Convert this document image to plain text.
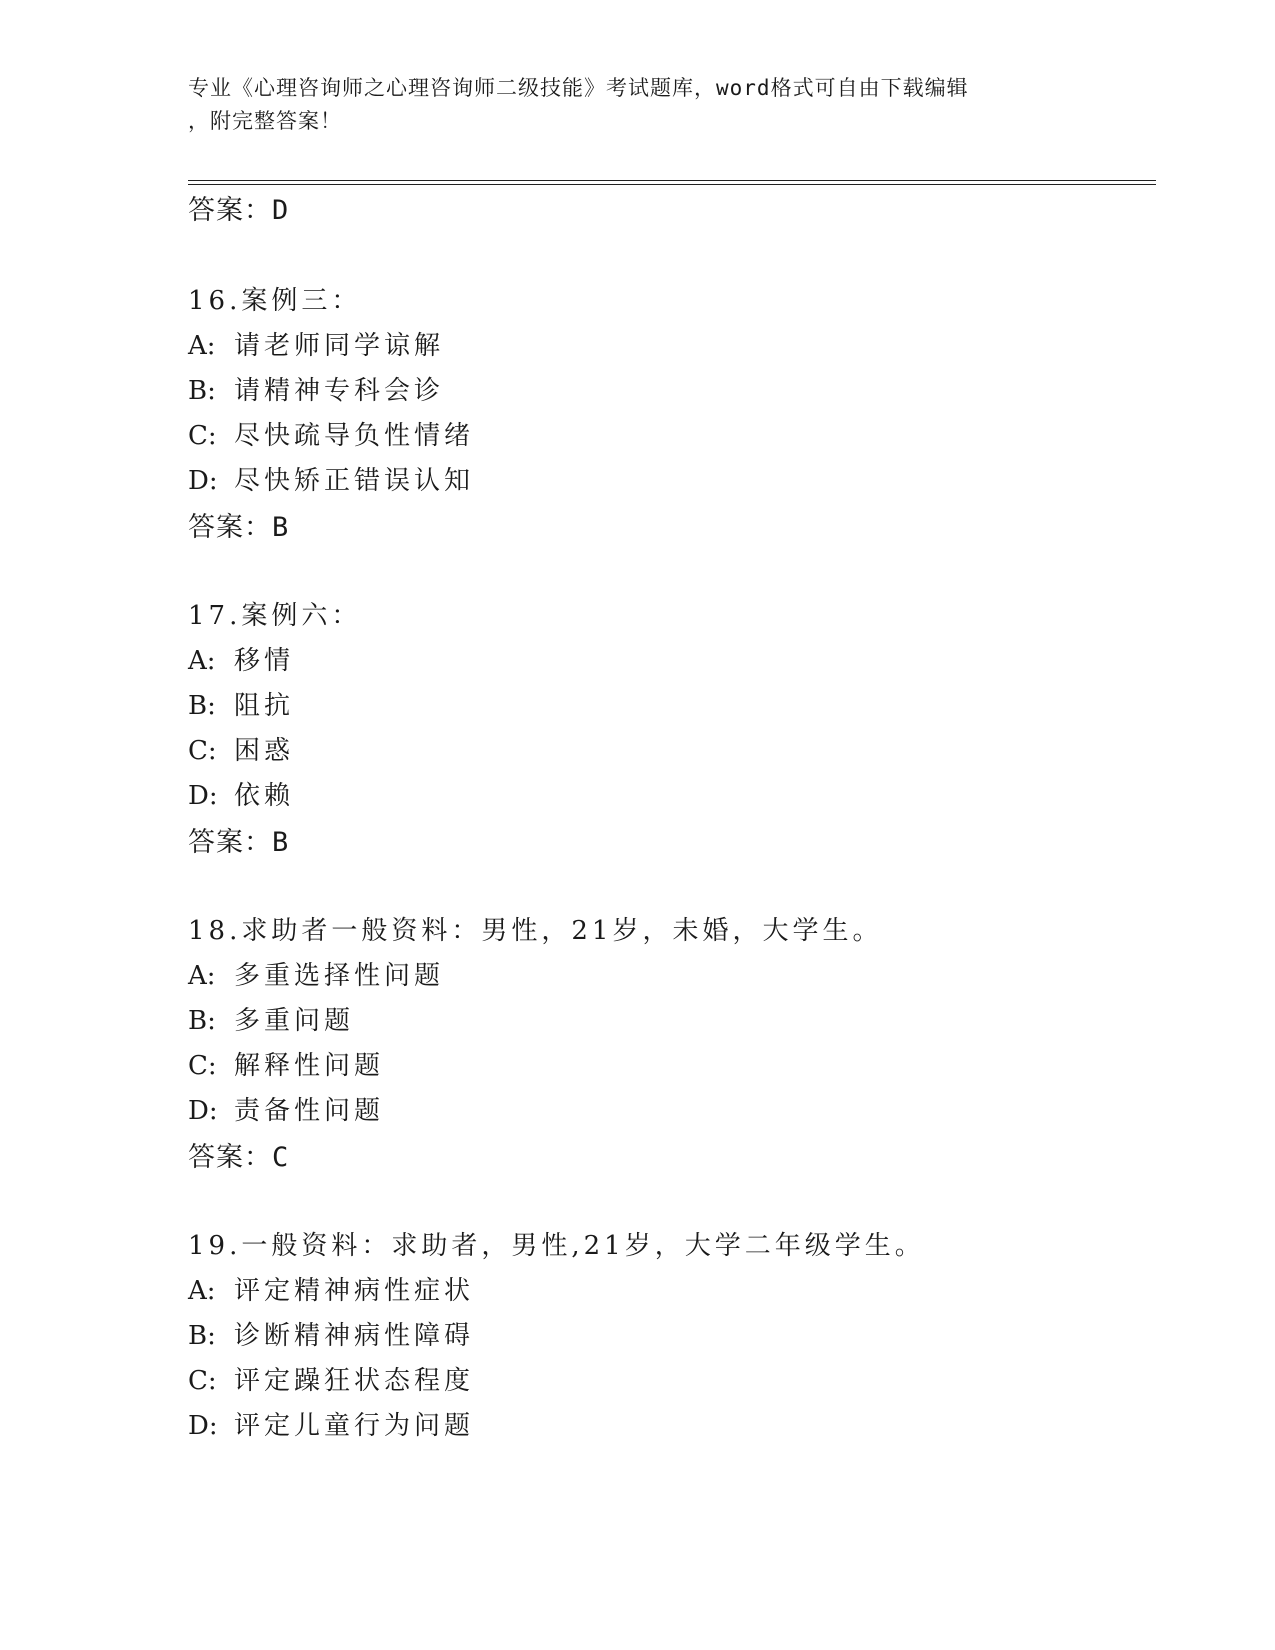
专业《心理咨询师之心理咨询师二级技能》考试题库，word格式可自由下载编辑
，附完整答案！
答案：D
16.案例三：
A: 请老师同学谅解
B: 请精神专科会诊
C: 尽快疏导负性情绪
D: 尽快矫正错误认知
答案：B
17.案例六：
A: 移情
B: 阻抗
C: 困惑
D: 依赖
答案：B
18.求助者一般资料：男性，21岁，未婚，大学生。
A: 多重选择性问题
B: 多重问题
C: 解释性问题
D: 责备性问题
答案：C
19.一般资料：求助者，男性,21岁，大学二年级学生。
A: 评定精神病性症状
B: 诊断精神病性障碍
C: 评定躁狂状态程度
D: 评定儿童行为问题
